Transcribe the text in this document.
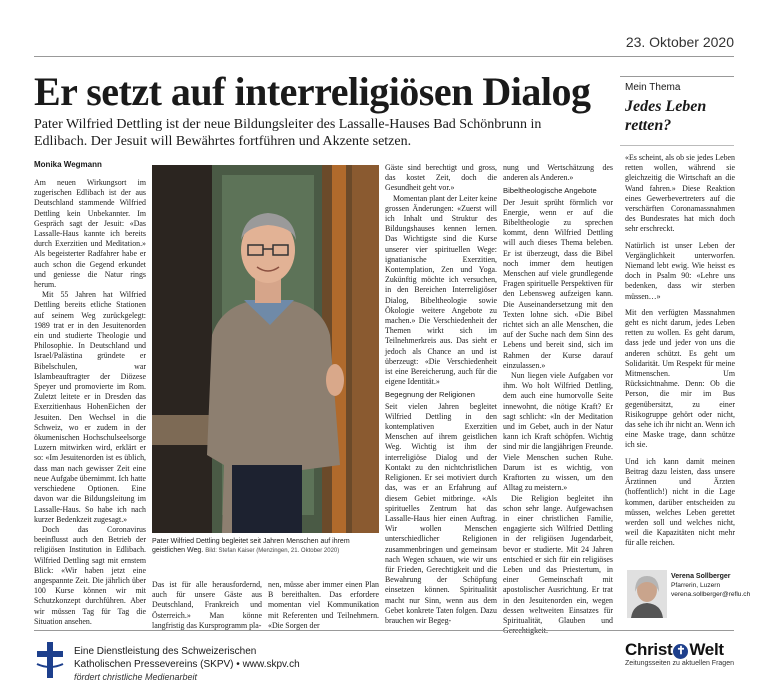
23. Oktober 2020
Er setzt auf interreligiösen Dialog
Pater Wilfried Dettling ist der neue Bildungsleiter des Lassalle-Hauses Bad Schönbrunn in Edlibach. Der Jesuit will Bewährtes fortführen und Akzente setzen.
Monika Wegmann

Am neuen Wirkungsort im zugerischen Edlibach ist der aus Deutschland stammende Wilfried Dettling kein Unbekannter. Im Gespräch sagt der Jesuit: «Das Lassalle-Haus kannte ich bereits durch Exerzitien und Meditation.» Als begeisterter Radfahrer habe er auch schon die Gegend erkundet und geniesse die Natur rings herum.

Mit 55 Jahren hat Wilfried Dettling bereits etliche Stationen auf seinem Weg zurückgelegt: 1989 trat er in den Jesuitenorden ein und studierte Theologie und Philosophie. In Deutschland und Israel/Palästina gründete er Bibelschulen, war Islambeauftragter der Diözese Speyer und promovierte im Rom. Zuletzt leitete er in Dresden das Exerzitienhaus HohenEichen der Jesuiten. Den Wechsel in die Schweiz, wo er zudem in der ökumenischen Hochschulseelsorge Luzern mitwirken wird, erklärt er so: «Im Jesuitenorden ist es üblich, dass man nach gewisser Zeit eine neue Aufgabe übernimmt. Ich hatte verschiedene Optionen. Eine davon war die Bildungsleitung im Lassalle-Haus. So habe ich nach kurzer Bedenkzeit zugesagt.»

Doch das Coronavirus beeinflusst auch den Betrieb der religiösen Institution in Edlibach. Wilfried Dettling sagt mit ernstem Blick: «Wir haben jetzt eine angespannte Zeit. Die jährlich über 100 Kurse können wir mit Schutzkonzept durchführen. Aber wir müssen Tag für Tag die Situation ansehen.

Pater Wilfried Dettling begleitet seit Jahren Menschen auf ihrem geistlichen Weg. Bild: Stefan Kaiser (Menzingen, 21. Oktober 2020)
Das ist für alle herausfordernd, auch für unsere Gäste aus Deutschland, Frankreich und Österreich.» Man könne langfristig das Kursprogramm pla-
nen, müsse aber immer einen Plan B bereithalten. Das erfordere momentan viel Kommunikation mit Referenten und Teilnehmern. «Die Sorgen der

Gäste sind berechtigt und gross, das kostet Zeit, doch die Gesundheit geht vor.»

Momentan plant der Leiter keine grossen Änderungen: «Zuerst will ich Inhalt und Struktur des Bildungshauses kennen lernen. Das Wichtigste sind die Kurse unserer vier spirituellen Wege: ignatianische Exerzitien, Kontemplation, Zen und Yoga. Zukünftig möchte ich versuchen, in den Bereichen Interreligiöser Dialog, Bibeltheologie sowie Ökologie weitere Angebote zu machen.» Die Verschiedenheit der Themen wirkt sich im Teilnehmerkreis aus. Das sieht er jedoch als Chance an und ist überzeugt: «Die Verschiedenheit ist eine Bereicherung, auch für die eigene Identität.»

Begegnung der Religionen

Seit vielen Jahren begleitet Wilfried Dettling in den kontemplativen Exerzitien Menschen auf ihrem geistlichen Weg. Wichtig ist ihm der interreligiöse Dialog und der Kontakt zu den nichtchristlichen Religionen. Er sei motiviert durch das, was er an Erfahrung auf diesem Gebiet mitbringe. «Als spirituelles Zentrum hat das Lassalle-Haus hier einen Auftrag. Wir wollen Menschen unterschiedlicher Religionen zusammenbringen und gemeinsam nach Wegen schauen, wie wir uns für Frieden, Gerechtigkeit und die Bewahrung der Schöpfung einsetzen können. Spiritualität macht nur Sinn, wenn aus dem Gebet konkrete Taten folgen. Dazu brauchen wir Begeg-

nung und Wertschätzung des anderen als Anderen.»

Bibeltheologische Angebote

Der Jesuit sprüht förmlich vor Energie, wenn er auf die Bibeltheologie zu sprechen kommt, denn Wilfried Dettling will auch dieses Thema beleben. Er ist überzeugt, dass die Bibel noch immer dem heutigen Menschen auf viele grundlegende Fragen spirituelle Perspektiven für den Lebensweg aufzeigen kann. Die Auseinandersetzung mit den Texten lohne sich. «Die Bibel richtet sich an alle Menschen, die auf der Suche nach dem Sinn des Lebens und bereit sind, sich im Rahmen der Kurse darauf einzulassen.»

Nun liegen viele Aufgaben vor ihm. Wo holt Wilfried Dettling, dem auch eine humorvolle Seite innewohnt, die nötige Kraft? Er sagt schlicht: «In der Meditation und im Gebet, auch in der Natur kann ich Kraft schöpfen. Wichtig sind mir die langjährigen Freunde. Viele Menschen suchen Ruhe. Darum ist es wichtig, von Kraftorten zu wissen, um den Alltag zu meistern.»

Die Religion begleitet ihn schon sehr lange. Aufgewachsen in einer christlichen Familie, engagierte sich Wilfried Dettling in der religiösen Jugendarbeit, bevor er studierte. Mit 24 Jahren entschied er sich für ein religiöses Leben und das Priestertum, in einer Gemeinschaft mit apostolischer Ausrichtung. Er trat in den Jesuitenorden ein, wegen dessen weltweiten Einsatzes für Spiritualität, Glauben und Gerechtigkeit.

Mein Thema
Jedes Leben retten?

«Es scheint, als ob sie jedes Leben retten wollen, während sie gleichzeitig die Wirtschaft an die Wand fahren.» Diese Reaktion eines Gewerbevertreters auf die verschärften Coronamassnahmen des Bundesrates hat mich doch sehr erschreckt.

Natürlich ist unser Leben der Vergänglichkeit unterworfen. Niemand lebt ewig. Wie heisst es doch in Psalm 90: «Lehre uns bedenken, dass wir sterben müssen…»

Mit den verfügten Massnahmen geht es nicht darum, jedes Leben retten zu wollen. Es geht darum, dass jede und jeder von uns die anderen schützt. Es geht um Solidarität. Um Respekt für meine Mitmenschen. Um Rücksichtnahme. Denn: Ob die Person, die mir im Bus gegenübersitzt, zu einer Risikogruppe gehört oder nicht, das sehe ich ihr nicht an. Wenn ich eine Maske trage, dann schütze ich sie.

Und ich kann damit meinen Beitrag dazu leisten, dass unsere Ärztinnen und Ärzten (hoffentlich!) nicht in die Lage kommen, darüber entscheiden zu müssen, welches Leben gerettet werden soll und welches nicht, weil die Kapazitäten nicht mehr für alle reichen.

Verena Sollberger
Pfarrerin, Luzern
verena.sollberger@reflu.ch
Eine Dienstleistung des Schweizerischen
Katholischen Pressevereins (SKPV) • www.skpv.ch
fördert christliche Medienarbeit
Christ ✝ Welt
Zeitungsseiten zu aktuellen Fragen
